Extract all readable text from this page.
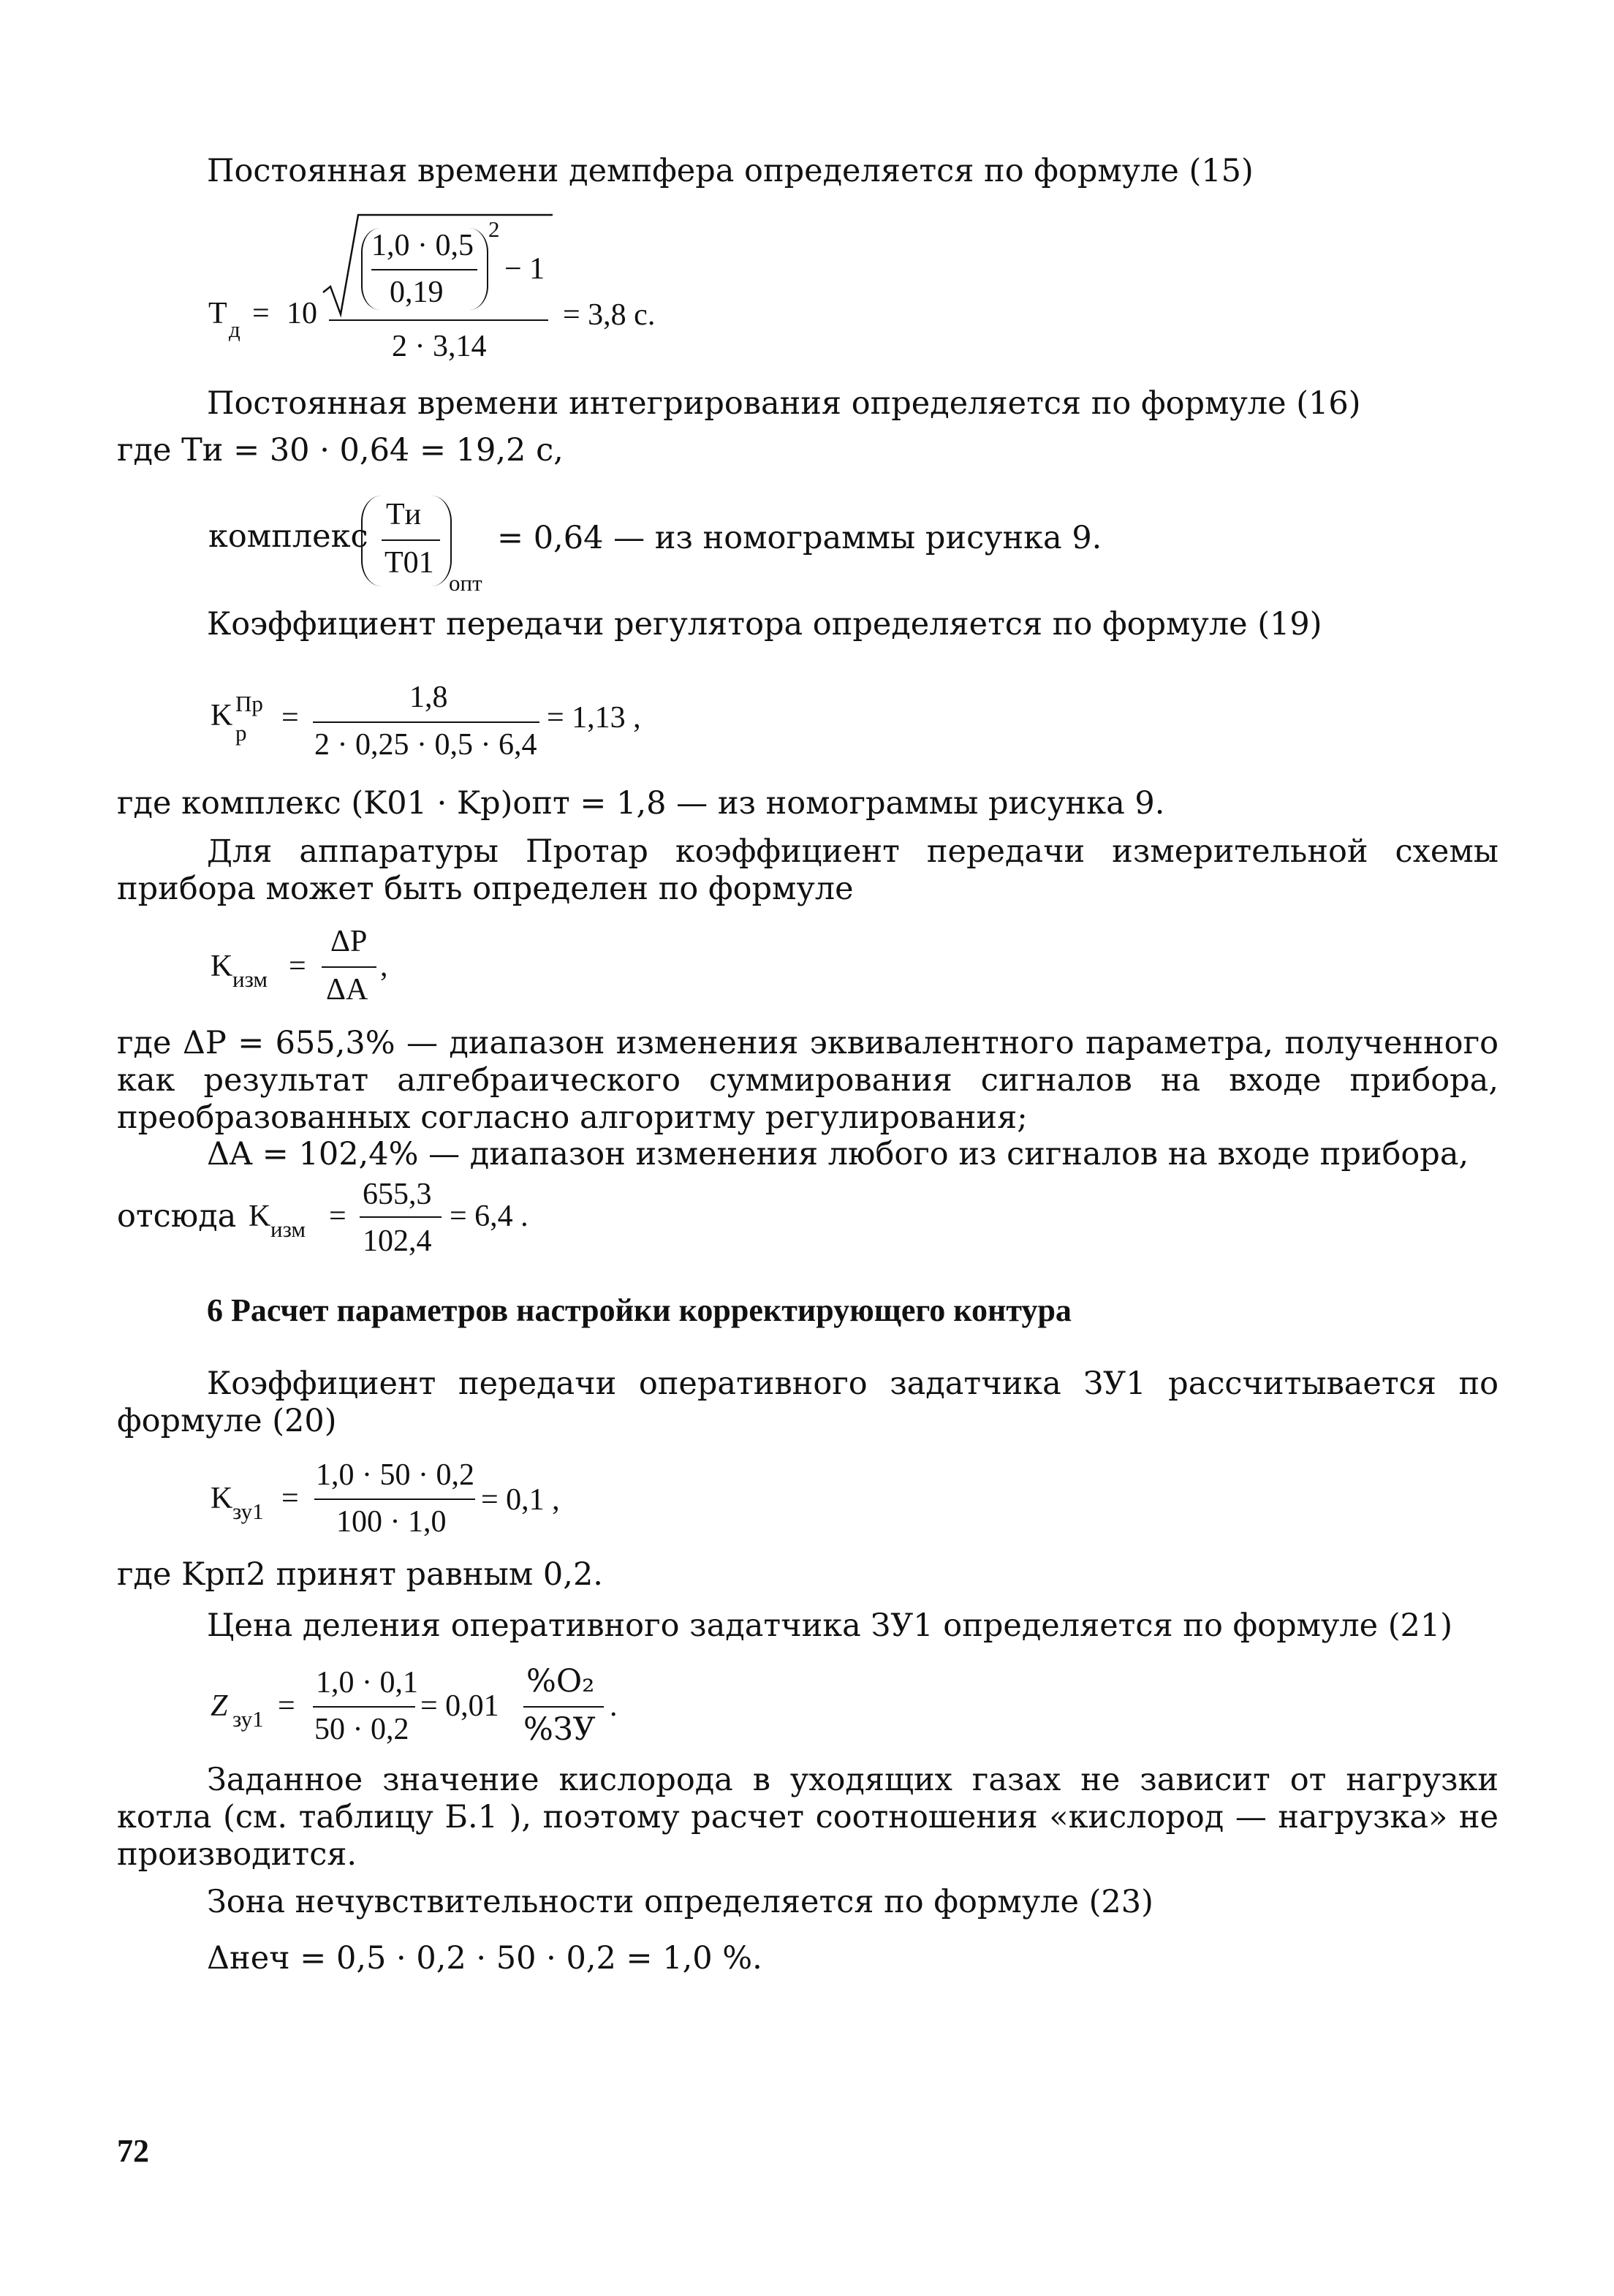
Постоянная времени демпфера определяется по формуле (15)
T д = 10
1,0 · 0,5
0,19
2
− 1
2 · 3,14
= 3,8 с.
Постоянная времени интегрирования определяется по формуле (16)
где Tи = 30 · 0,64 = 19,2 с,
комплекс
Tи
T01
опт
= 0,64 — из номограммы рисунка 9.
Коэффициент передачи регулятора определяется по формуле (19)
K Пр
р =
1,8
2 · 0,25 · 0,5 · 6,4
= 1,13 ,
где комплекс (K01 · Kр)опт = 1,8 — из номограммы рисунка 9.
Для аппаратуры Протар коэффициент передачи измерительной схемы прибора может быть определен по формуле
K изм =
ΔP
ΔA
,
где ΔP = 655,3% — диапазон изменения эквивалентного параметра, полученного как результат алгебраического суммирования сигналов на входе прибора, преобразованных согласно алгоритму регулирования;
ΔA = 102,4% — диапазон изменения любого из сигналов на входе прибора,
отсюда K изм =
655,3
102,4
= 6,4 .
6 Расчет параметров настройки корректирующего контура
Коэффициент передачи оперативного задатчика ЗУ1 рассчитывается по формуле (20)
K зу1 =
1,0 · 50 · 0,2
100 · 1,0
= 0,1 ,
где Kрп2 принят равным 0,2.
Цена деления оперативного задатчика ЗУ1 определяется по формуле (21)
Z зу1 =
1,0 · 0,1
50 · 0,2
= 0,01
%O₂
%ЗУ
.
Заданное значение кислорода в уходящих газах не зависит от нагрузки котла (см. таблицу Б.1 ), поэтому расчет соотношения «кислород — нагрузка» не производится.
Зона нечувствительности определяется по формуле (23)
Δнеч = 0,5 · 0,2 · 50 · 0,2 = 1,0 %.
72
